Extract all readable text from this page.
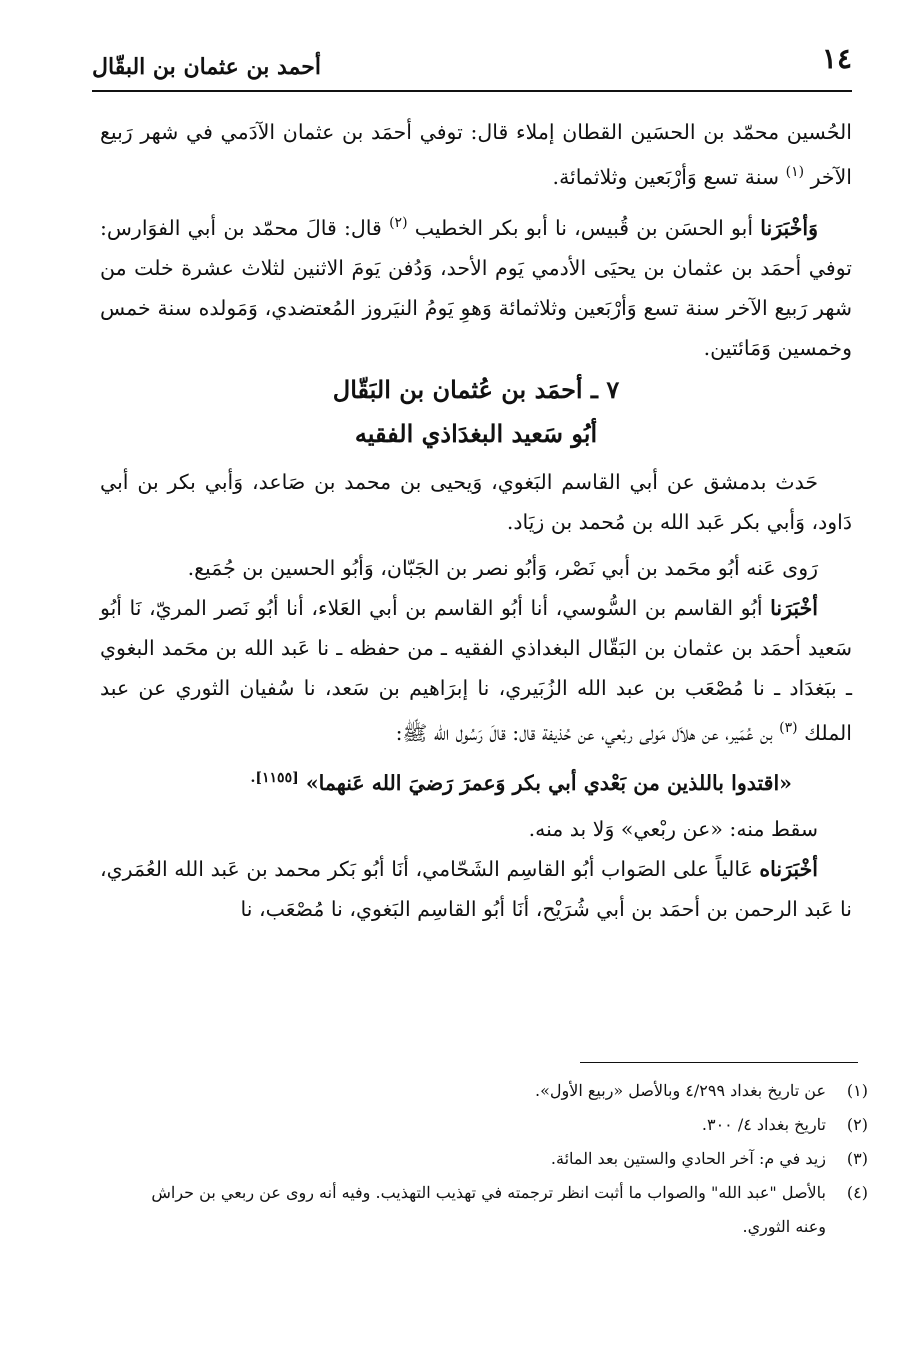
١٤
أحمد بن عثمان بن البقّال

الحُسين محمّد بن الحسَين القطان إملاء قال: توفي أحمَد بن عثمان الآدَمي في شهر رَبيع الآخر $^{(١)}$ سنة تسع وَأرْبَعين وثلاثمائة.

وَأخْبَرَنا أبو الحسَن بن قُبيس، نا أبو بكر الخطيب $^{(٢)}$ قال: قالَ محمّد بن أبي الفوَارس: توفي أحمَد بن عثمان بن يحيَى الأدمي يَوم الأحد، وَدُفن يَومَ الاثنين لثلاث عشرة خلت من شهر رَبيع الآخر سنة تسع وَأرْبَعين وثلاثمائة وَهوِ يَومُ النيَروز المُعتضدي، وَمَولده سنة خمس وخمسين وَمَائتين.

٧ ـ أحمَد بن عُثمان بن البَقّال

أبُو سَعيد البغدَاذي الفقيه

حَدث بدمشق عن أبي القاسم البَغوي، وَيحيى بن محمد بن صَاعد، وَأبي بكر بن أبي دَاود، وَأبي بكر عَبد الله بن مُحمد بن زيَاد.

رَوى عَنه أبُو محَمد بن أبي نَصْر، وَأبُو نصر بن الجَبّان، وَأبُو الحسين بن جُمَيع.

أخْبَرَنا أبُو القاسم بن السُّوسي، أنا أبُو القاسم بن أبي العَلاء، أنا أبُو نَصر المريّ، نَا أبُو سَعيد أحمَد بن عثمان بن البَقّال البغداذي الفقيه ـ من حفظه ـ نا عَبد الله بن محَمد البغوي ـ ببَغدَاد ـ نا مُصْعَب بن عبد الله الزُبَيري، نا إبرَاهيم بن سَعد، نا سُفيان الثوري عن عبد الملك $^{(٣)}$ بن عُمَير، عن هلاَل مَولى ربْعي، عن حُذيفة قال: قالَ رَسُول الله ﷺ:

«اقتدوا باللذين من بَعْدي أبي بكر وَعمرَ رَضيَ الله عَنهما» $^{[١١٥٥].}$

سقط منه: «عن ربْعي» وَلا بد منه.

أخْبَرَناه عَالياً على الصَواب أبُو القاسِم الشَحّامي، أنَا أبُو بَكر محمد بن عَبد الله العُمَري، نا عَبد الرحمن بن أحمَد بن أبي شُرَيْح، أنَا أبُو القاسِم البَغوي، نا مُصْعَب، نا

(١)
عن تاريخ بغداد ٤/٢٩٩ وبالأصل «ربيع الأول».
(٢)
تاريخ بغداد ٤/ ٣٠٠.
(٣)
زيد في م: آخر الحادي والستين بعد المائة.
(٤)
بالأصل "عبد الله" والصواب ما أثبت انظر ترجمته في تهذيب التهذيب. وفيه أنه روى عن ربعي بن حراش وعنه الثوري.
